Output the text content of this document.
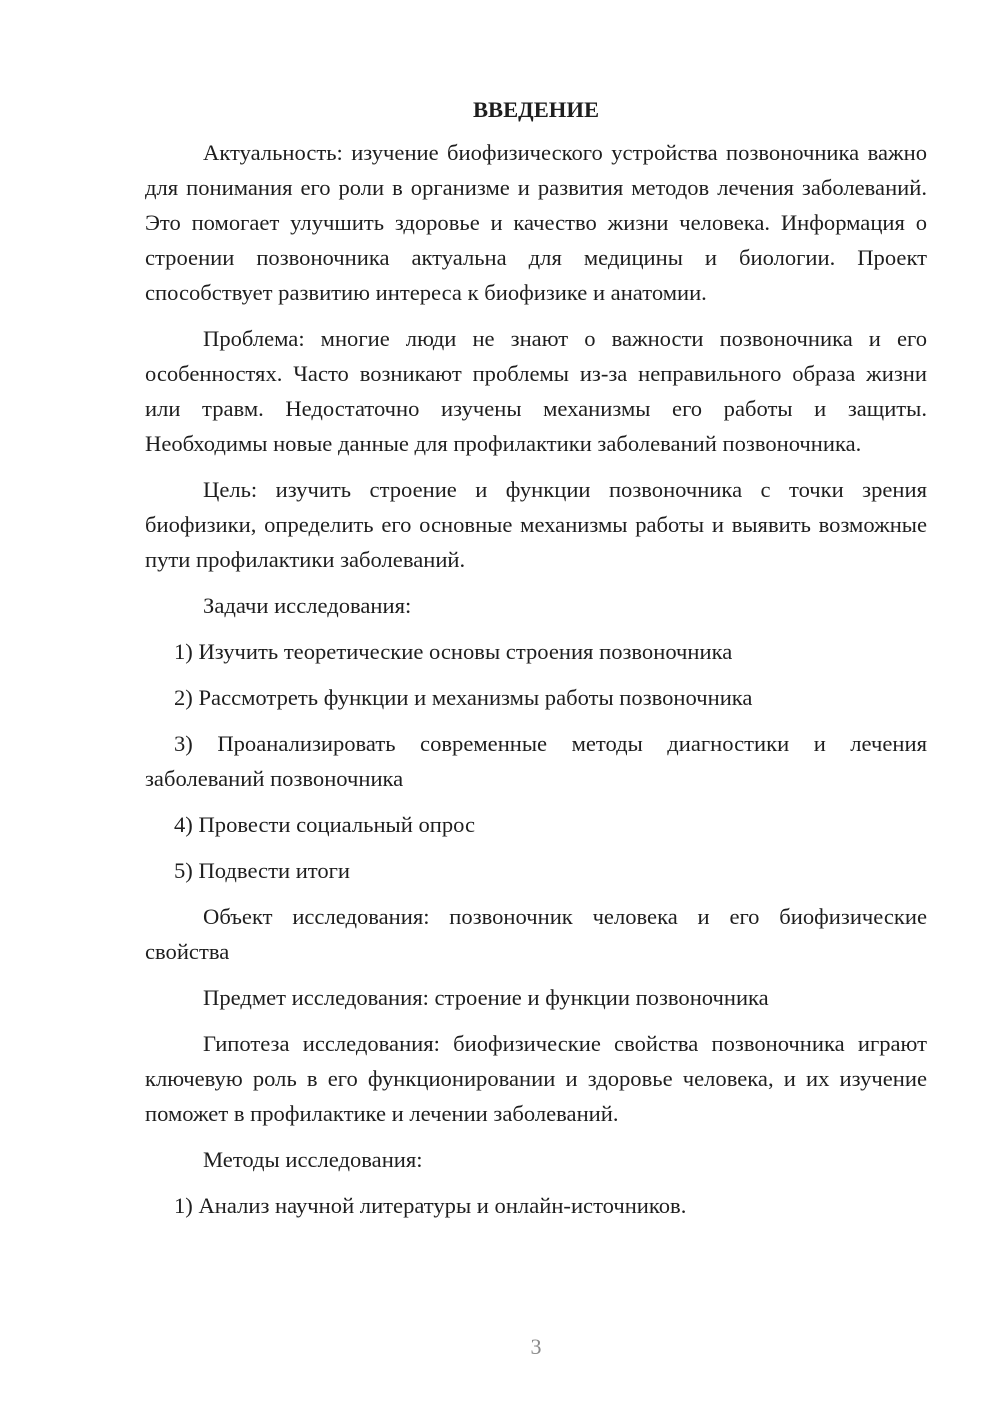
ВВЕДЕНИЕ

Актуальность: изучение биофизического устройства позвоночника важно для понимания его роли в организме и развития методов лечения заболеваний. Это помогает улучшить здоровье и качество жизни человека. Информация о строении позвоночника актуальна для медицины и биологии. Проект способствует развитию интереса к биофизике и анатомии.

Проблема: многие люди не знают о важности позвоночника и его особенностях. Часто возникают проблемы из-за неправильного образа жизни или травм. Недостаточно изучены механизмы его работы и защиты. Необходимы новые данные для профилактики заболеваний позвоночника.

Цель: изучить строение и функции позвоночника с точки зрения биофизики, определить его основные механизмы работы и выявить возможные пути профилактики заболеваний.

Задачи исследования:

1) Изучить теоретические основы строения позвоночника

2) Рассмотреть функции и механизмы работы позвоночника

3) Проанализировать современные методы диагностики и лечения заболеваний позвоночника

4) Провести социальный опрос

5) Подвести итоги

Объект исследования: позвоночник человека и его биофизические свойства

Предмет исследования: строение и функции позвоночника

Гипотеза исследования: биофизические свойства позвоночника играют ключевую роль в его функционировании и здоровье человека, и их изучение поможет в профилактике и лечении заболеваний.

Методы исследования:

1) Анализ научной литературы и онлайн-источников.

3
